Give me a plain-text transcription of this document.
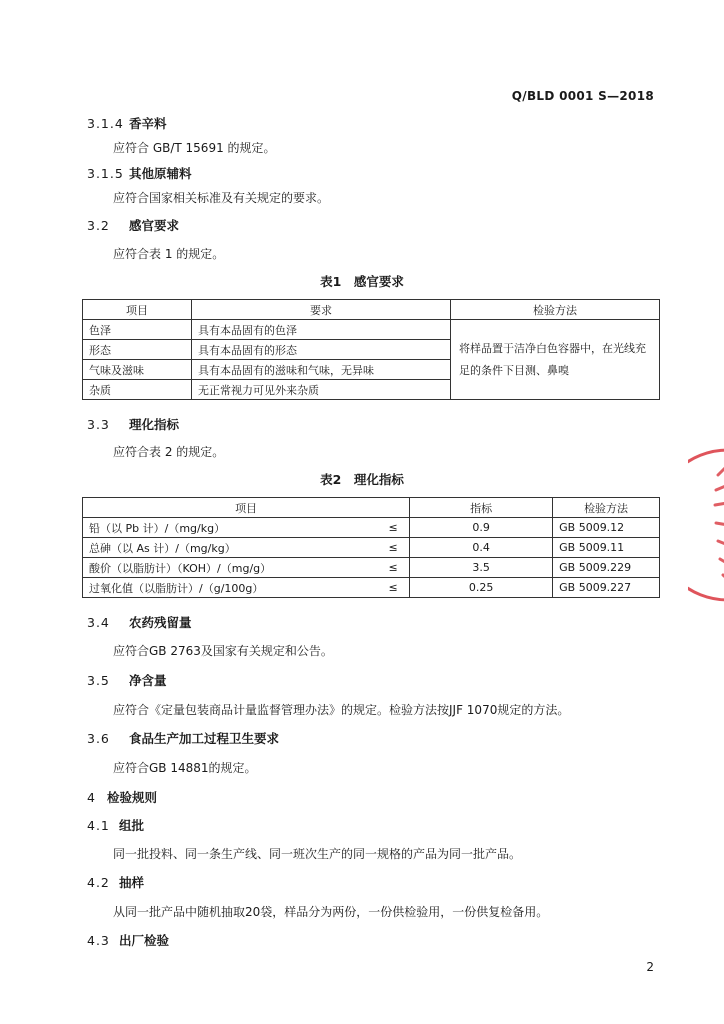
Q/BLD 0001 S—2018
3.1.4 香辛料
应符合 GB/T 15691 的规定。
3.1.5 其他原辅料
应符合国家相关标准及有关规定的要求。
3.2 感官要求
应符合表 1 的规定。
表1　感官要求
项目	要求	检验方法
色泽	具有本品固有的色泽	将样品置于洁净白色容器中，在光线充足的条件下目测、鼻嗅
形态	具有本品固有的形态	
气味及滋味	具有本品固有的滋味和气味，无异味	
杂质	无正常视力可见外来杂质	
3.3 理化指标
应符合表 2 的规定。
表2　理化指标
项目		指标	检验方法
铅（以 Pb 计）/（mg/kg）	≤	0.9	GB 5009.12
总砷（以 As 计）/（mg/kg）	≤	0.4	GB 5009.11
酸价（以脂肪计）（KOH）/（mg/g）	≤	3.5	GB 5009.229
过氧化值（以脂肪计）/（g/100g）	≤	0.25	GB 5009.227
3.4 农药残留量
应符合GB 2763及国家有关规定和公告。
3.5 净含量
应符合《定量包装商品计量监督管理办法》的规定。检验方法按JJF 1070规定的方法。
3.6 食品生产加工过程卫生要求
应符合GB 14881的规定。
4 检验规则
4.1 组批
同一批投料、同一条生产线、同一班次生产的同一规格的产品为同一批产品。
4.2 抽样
从同一批产品中随机抽取20袋，样品分为两份，一份供检验用，一份供复检备用。
4.3 出厂检验
2
